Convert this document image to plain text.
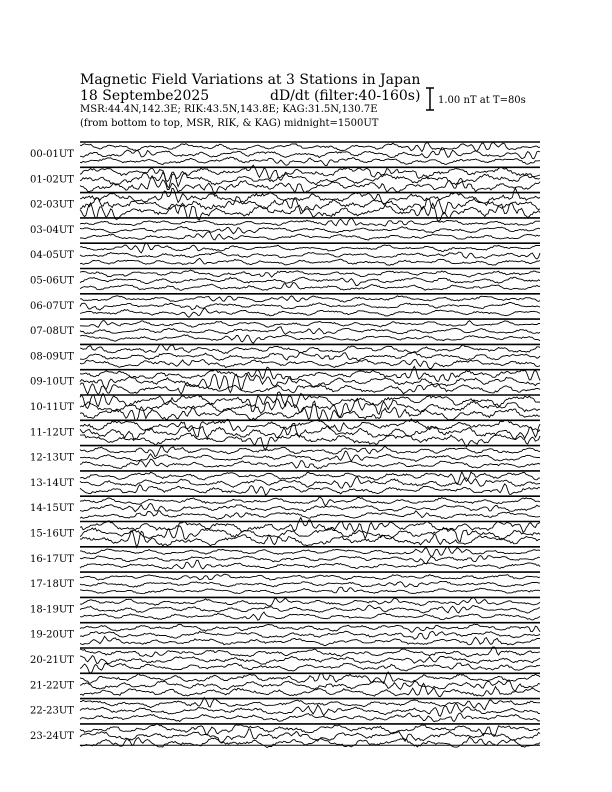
Magnetic Field Variations at 3 Stations in Japan
18 Septembe2025	dD/dt (filter:40-160s)
MSR:44.4N,142.3E; RIK:43.5N,143.8E; KAG:31.5N,130.7E
(from bottom to top, MSR, RIK, & KAG) midnight=1500UT
1.00 nT at T=80s
00-01UT
01-02UT
02-03UT
03-04UT
04-05UT
05-06UT
06-07UT
07-08UT
08-09UT
09-10UT
10-11UT
11-12UT
12-13UT
13-14UT
14-15UT
15-16UT
16-17UT
17-18UT
18-19UT
19-20UT
20-21UT
21-22UT
22-23UT
23-24UT
